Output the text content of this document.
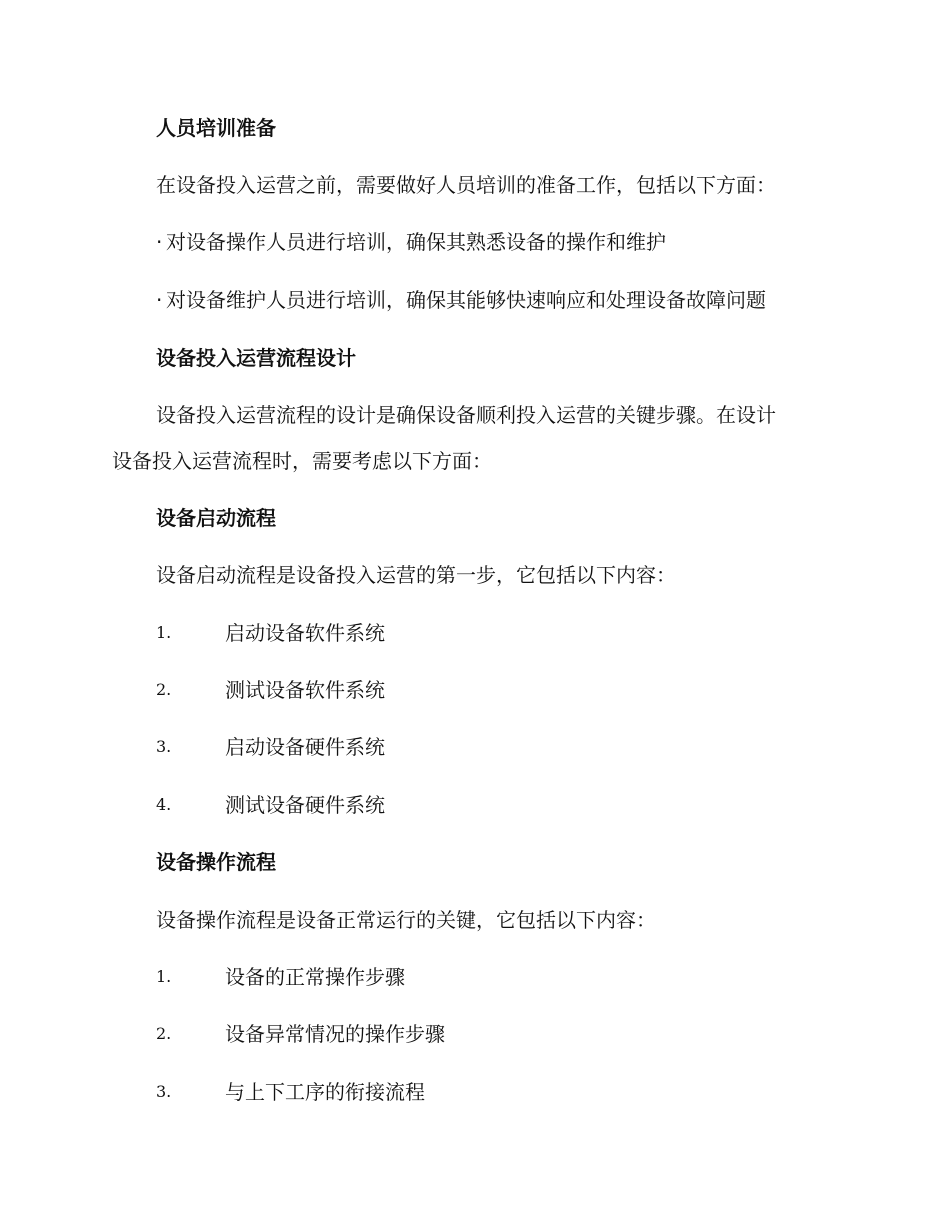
人员培训准备
在设备投入运营之前，需要做好人员培训的准备工作，包括以下方面：
· 对设备操作人员进行培训，确保其熟悉设备的操作和维护
· 对设备维护人员进行培训，确保其能够快速响应和处理设备故障问题
设备投入运营流程设计
设备投入运营流程的设计是确保设备顺利投入运营的关键步骤。在设计
设备投入运营流程时，需要考虑以下方面：
设备启动流程
设备启动流程是设备投入运营的第一步，它包括以下内容：
1.	启动设备软件系统
2.	测试设备软件系统
3.	启动设备硬件系统
4.	测试设备硬件系统
设备操作流程
设备操作流程是设备正常运行的关键，它包括以下内容：
1.	设备的正常操作步骤
2.	设备异常情况的操作步骤
3.	与上下工序的衔接流程
